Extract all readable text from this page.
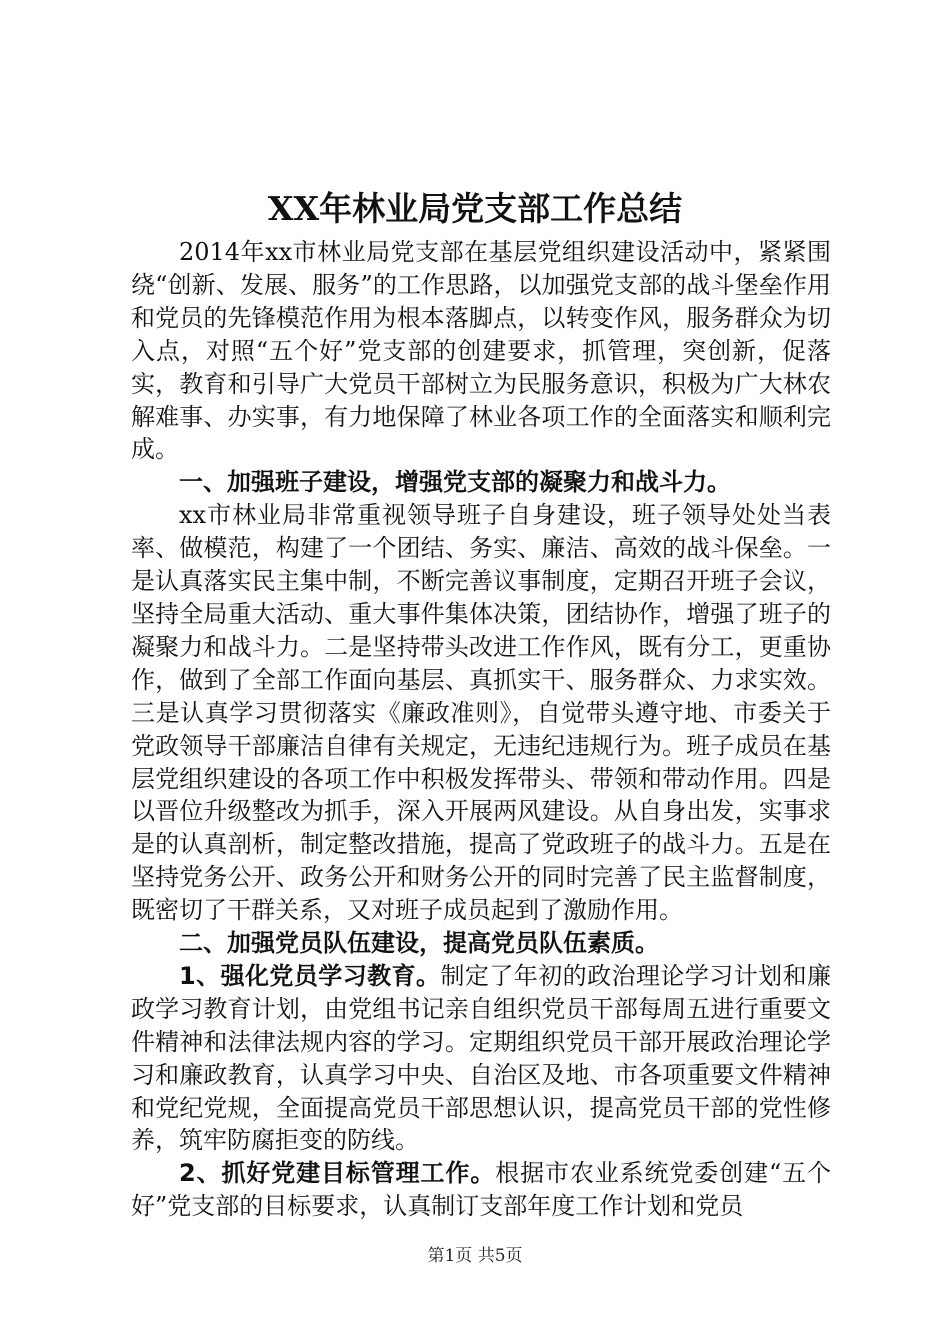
XX年林业局党支部工作总结

2014年xx市林业局党支部在基层党组织建设活动中，紧紧围绕“创新、发展、服务”的工作思路，以加强党支部的战斗堡垒作用和党员的先锋模范作用为根本落脚点，以转变作风，服务群众为切入点，对照“五个好”党支部的创建要求，抓管理，突创新，促落实，教育和引导广大党员干部树立为民服务意识，积极为广大林农解难事、办实事，有力地保障了林业各项工作的全面落实和顺利完成。

一、加强班子建设，增强党支部的凝聚力和战斗力。

xx市林业局非常重视领导班子自身建设，班子领导处处当表率、做模范，构建了一个团结、务实、廉洁、高效的战斗保垒。一是认真落实民主集中制，不断完善议事制度，定期召开班子会议，坚持全局重大活动、重大事件集体决策，团结协作，增强了班子的凝聚力和战斗力。二是坚持带头改进工作作风，既有分工，更重协作，做到了全部工作面向基层、真抓实干、服务群众、力求实效。三是认真学习贯彻落实《廉政准则》，自觉带头遵守地、市委关于党政领导干部廉洁自律有关规定，无违纪违规行为。班子成员在基层党组织建设的各项工作中积极发挥带头、带领和带动作用。四是以晋位升级整改为抓手，深入开展两风建设。从自身出发，实事求是的认真剖析，制定整改措施，提高了党政班子的战斗力。五是在坚持党务公开、政务公开和财务公开的同时完善了民主监督制度，既密切了干群关系，又对班子成员起到了激励作用。

二、加强党员队伍建设，提高党员队伍素质。

1、强化党员学习教育。制定了年初的政治理论学习计划和廉政学习教育计划，由党组书记亲自组织党员干部每周五进行重要文件精神和法律法规内容的学习。定期组织党员干部开展政治理论学习和廉政教育，认真学习中央、自治区及地、市各项重要文件精神和党纪党规，全面提高党员干部思想认识，提高党员干部的党性修养，筑牢防腐拒变的防线。

2、抓好党建目标管理工作。根据市农业系统党委创建“五个好”党支部的目标要求，认真制订支部年度工作计划和党员

第1页 共5页
